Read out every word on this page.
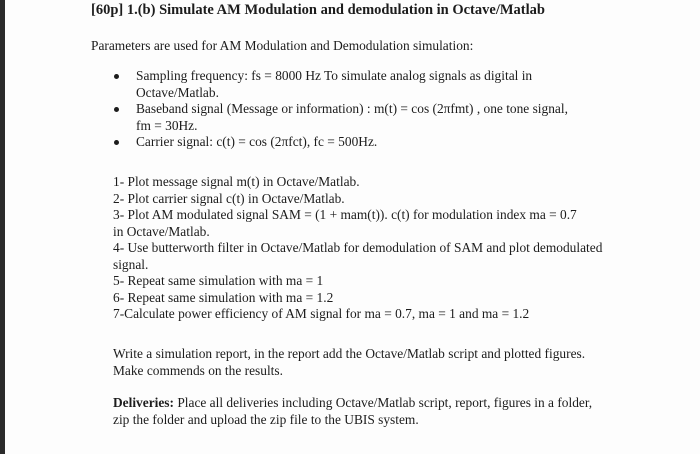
[60p] 1.(b) Simulate AM Modulation and demodulation in Octave/Matlab
Parameters are used for AM Modulation and Demodulation simulation:
Sampling frequency: fs = 8000 Hz To simulate analog signals as digital in
Octave/Matlab.
Baseband signal (Message or information) : m(t) = cos (2πfmt) , one tone signal,
fm = 30Hz.
Carrier signal: c(t) = cos (2πfct), fc = 500Hz.
1- Plot message signal m(t) in Octave/Matlab.
2- Plot carrier signal c(t) in Octave/Matlab.
3- Plot AM modulated signal SAM = (1 + mam(t)). c(t) for modulation index ma = 0.7
in Octave/Matlab.
4- Use butterworth filter in Octave/Matlab for demodulation of SAM and plot demodulated
signal.
5- Repeat same simulation with ma = 1
6- Repeat same simulation with ma = 1.2
7-Calculate power efficiency of AM signal for ma = 0.7, ma = 1 and ma = 1.2
Write a simulation report, in the report add the Octave/Matlab script and plotted figures.
Make commends on the results.
Deliveries: Place all deliveries including Octave/Matlab script, report, figures in a folder,
zip the folder and upload the zip file to the UBIS system.
